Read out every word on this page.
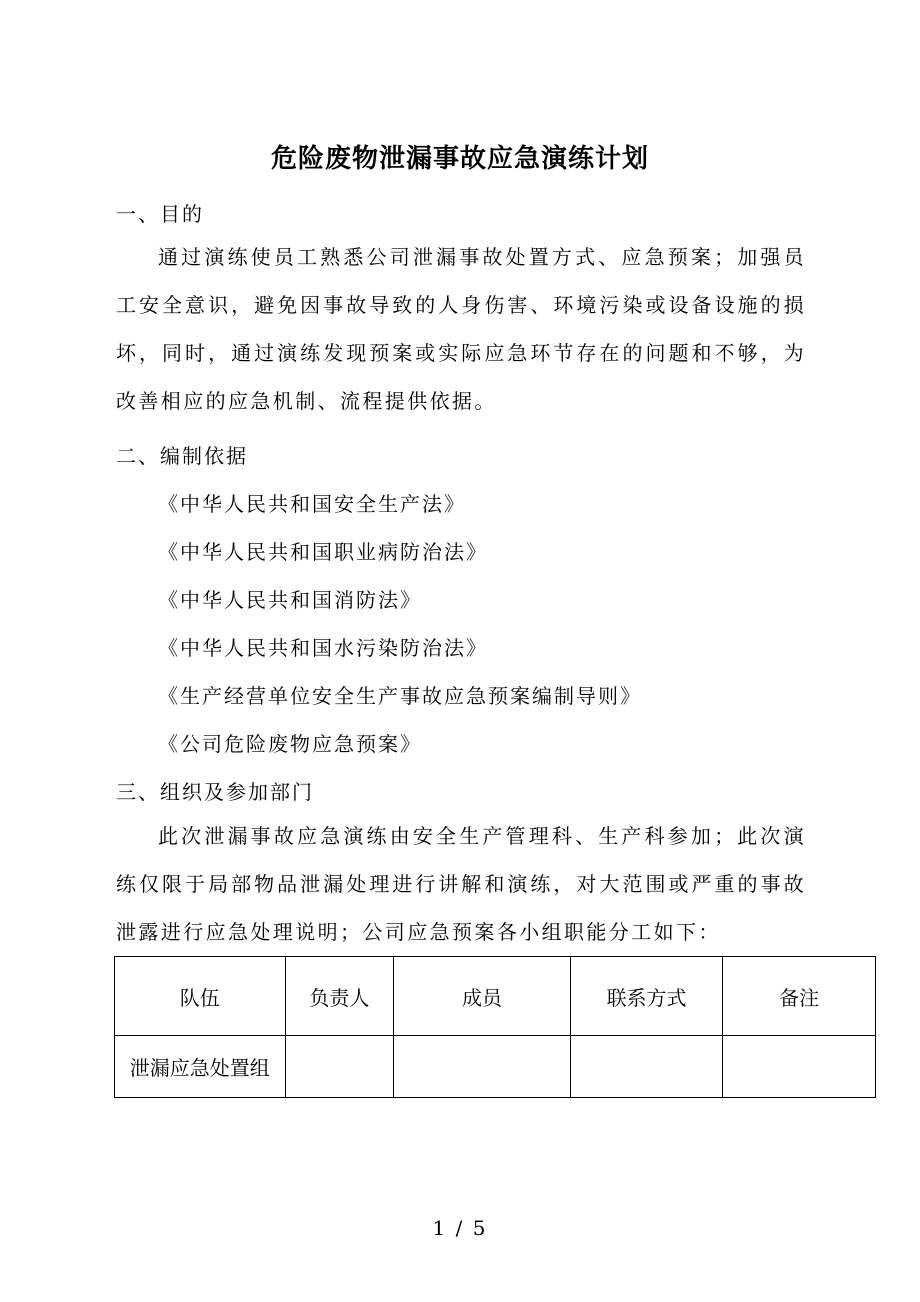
危险废物泄漏事故应急演练计划
一、目的
通过演练使员工熟悉公司泄漏事故处置方式、应急预案；加强员工安全意识，避免因事故导致的人身伤害、环境污染或设备设施的损坏，同时，通过演练发现预案或实际应急环节存在的问题和不够，为改善相应的应急机制、流程提供依据。
二、编制依据
《中华人民共和国安全生产法》
《中华人民共和国职业病防治法》
《中华人民共和国消防法》
《中华人民共和国水污染防治法》
《生产经营单位安全生产事故应急预案编制导则》
《公司危险废物应急预案》
三、组织及参加部门
此次泄漏事故应急演练由安全生产管理科、生产科参加；此次演练仅限于局部物品泄漏处理进行讲解和演练，对大范围或严重的事故泄露进行应急处理说明；公司应急预案各小组职能分工如下：
队伍	负责人	成员	联系方式	备注
泄漏应急处置组				
1 / 5
